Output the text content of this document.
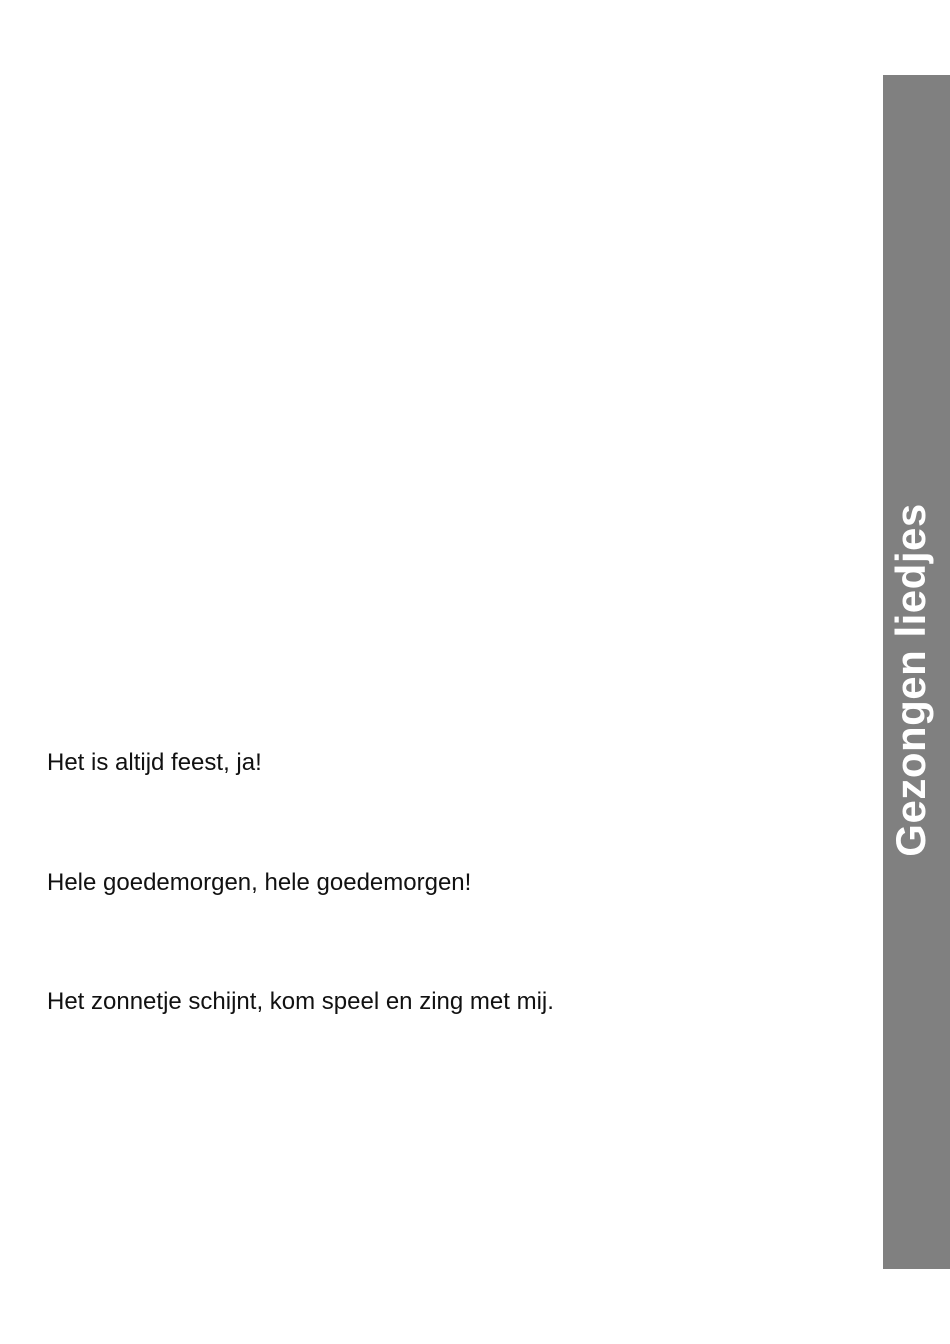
Het is altijd feest, ja!
Hele goedemorgen, hele goedemorgen!
Het zonnetje schijnt, kom speel en zing met mij.
Gezongen liedjes
